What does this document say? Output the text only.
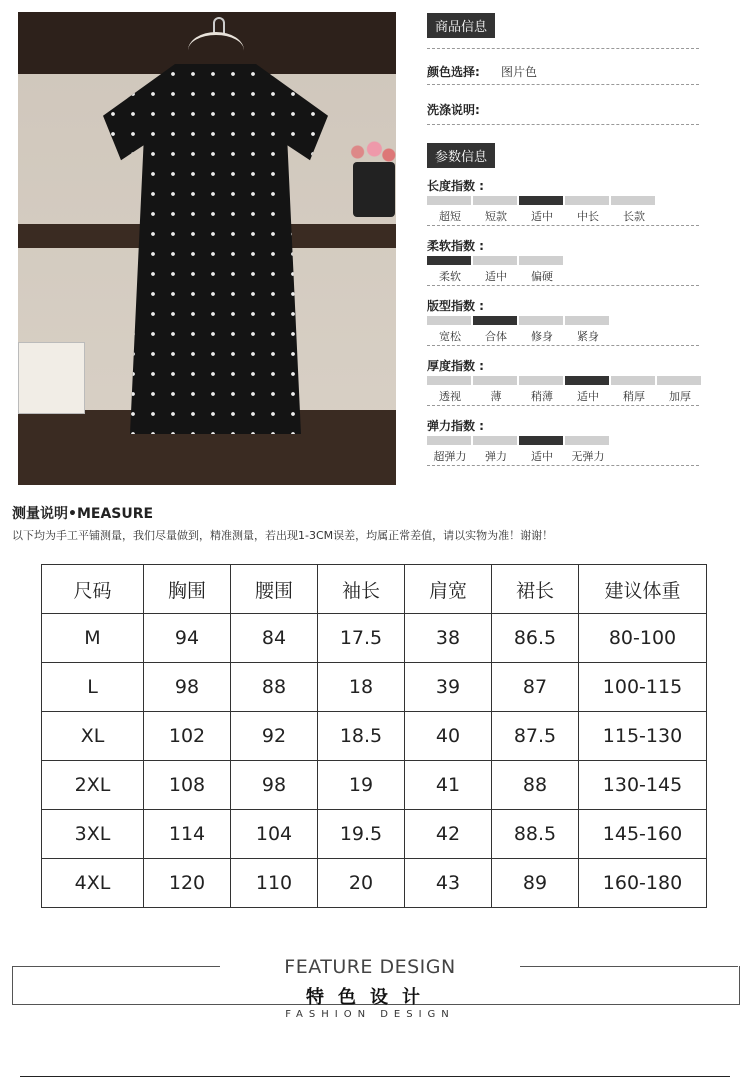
商品信息
颜色选择: 图片色
洗涤说明:
参数信息
长度指数 :
超短	短款	适中	中长	长款
柔软指数 :
柔软	适中	偏硬
版型指数 :
宽松	合体	修身	紧身
厚度指数 :
透视	薄	稍薄	适中	稍厚	加厚
弹力指数 :
超弹力	弹力	适中	无弹力
测量说明•MEASURE
以下均为手工平铺测量，我们尽量做到，精准测量，若出现1-3CM误差，均属正常差值，请以实物为准！谢谢！
尺码	胸围	腰围	袖长	肩宽	裙长	建议体重
M	94	84	17.5	38	86.5	80-100
L	98	88	18	39	87	100-115
XL	102	92	18.5	40	87.5	115-130
2XL	108	98	19	41	88	130-145
3XL	114	104	19.5	42	88.5	145-160
4XL	120	110	20	43	89	160-180
FEATURE DESIGN
特色设计
FASHION DESIGN
